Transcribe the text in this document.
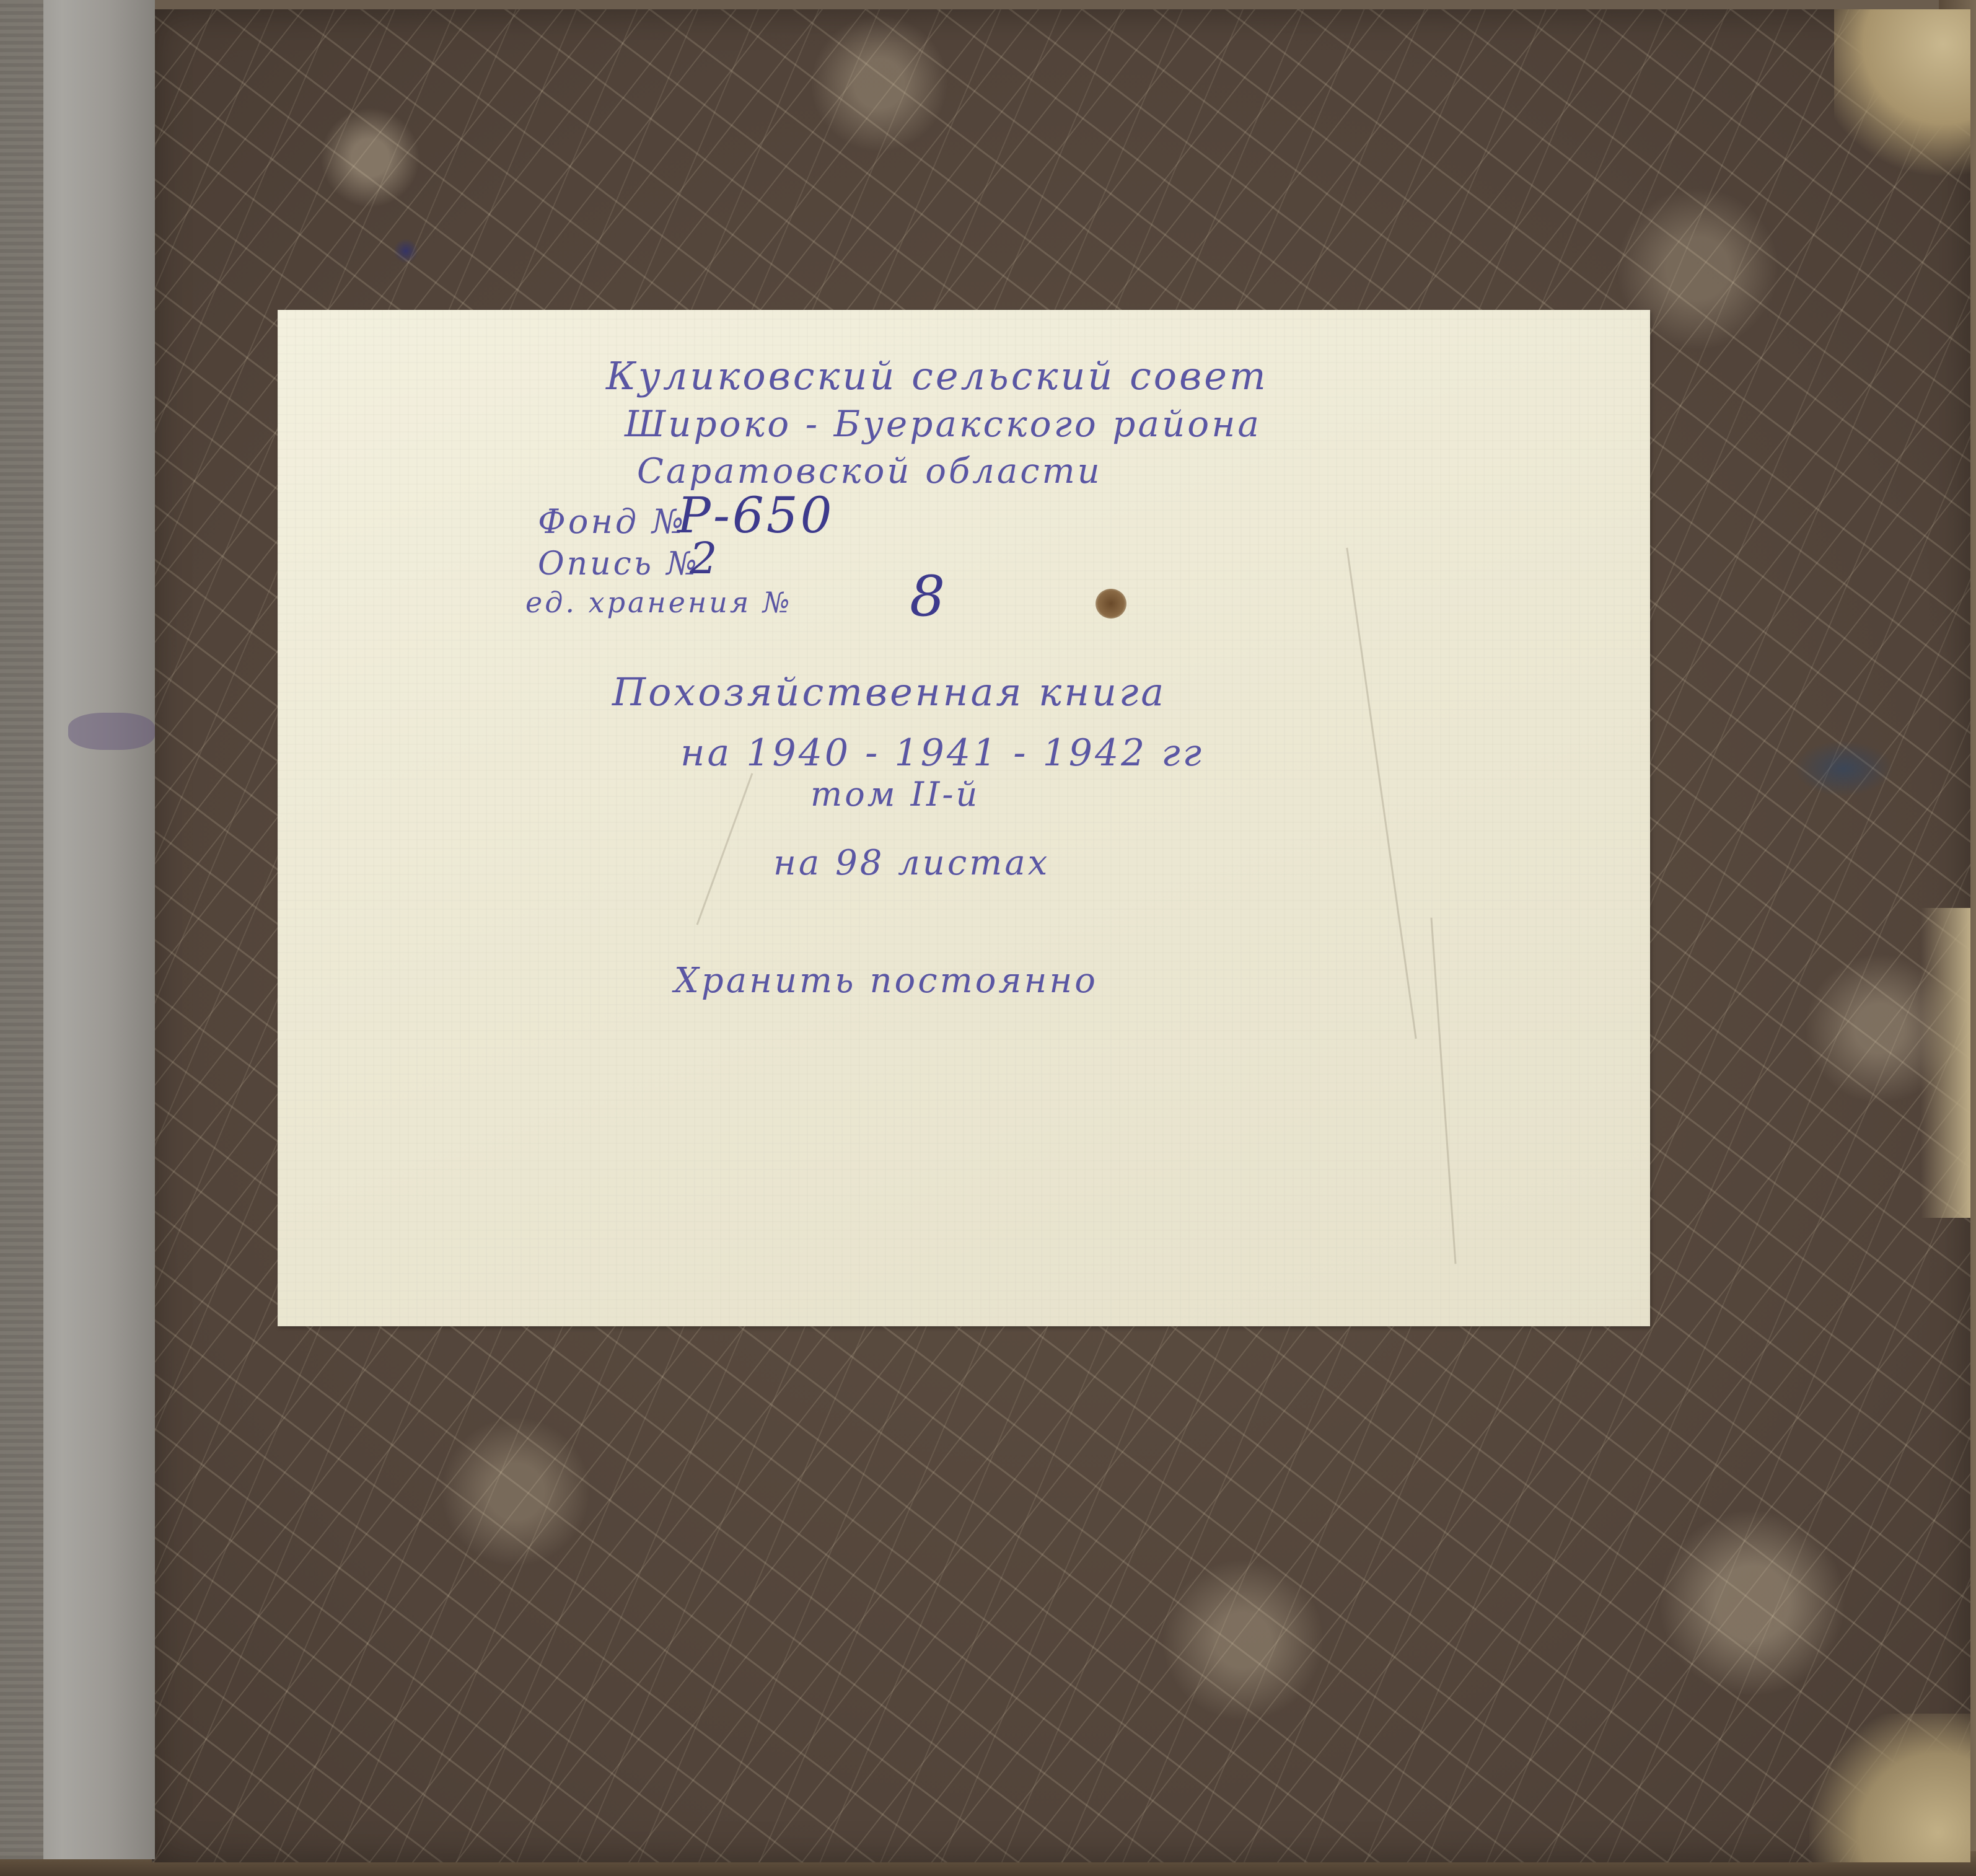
Куликовский сельский совет
Широко - Буеракского района
Саратовской области
Фонд №
Р-650
Опись №
2
ед. хранения № 8
Похозяйственная книга
на 1940 - 1941 - 1942 гг
том II-й
на 98 листах
Хранить постоянно
